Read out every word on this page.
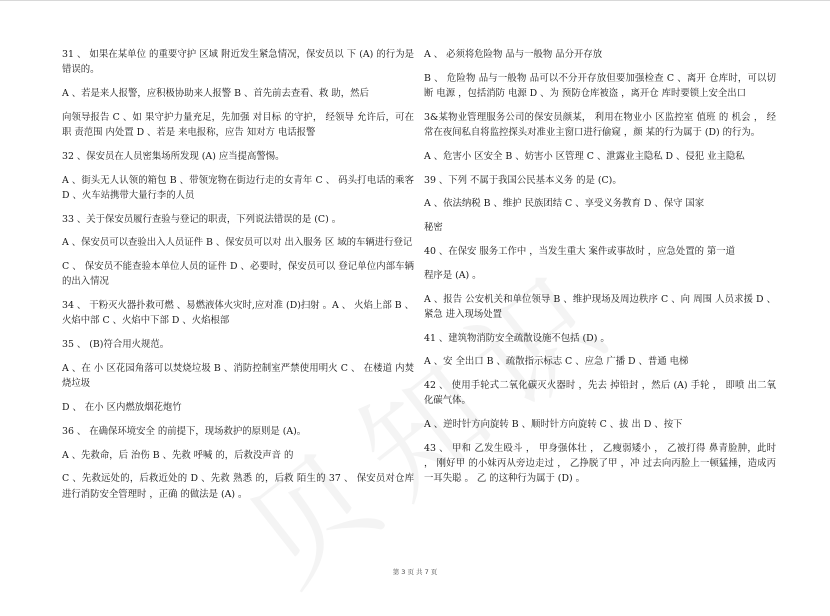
31 、 如果在某单位 的重要守护 区域 附近发生紧急情况，保安员以 下 (A) 的行为是错误的。

A 、若是来人报警，应积极协助来人报警 B 、首先前去查看、救 助，然后

向领导报告 C 、如 果守护力量充足，先加强 对目标 的守护， 经领导 允许后，可在职 责范围 内处置 D 、若是 来电报称，应告 知对方 电话报警

32 、保安员在人员密集场所发现 (A) 应当提高警惕。

A 、街头无人认领的箱包 B 、带领宠物在街边行走的女青年 C 、 码头打电话的乘客 D 、火车站携带大量行李的人员

33 、关于保安员履行查验与登记的职责，下列说法错误的是 (C) 。

A 、保安员可以查验出入人员证件 B 、保安员可以对 出入服务 区 域的车辆进行登记

C 、 保安员不能查验本单位人员的证件 D 、必要时，保安员可以 登记单位内部车辆 的出入情况

34 、 干粉灭火器扑救可燃 、易燃液体火灾时,应对准 (D)扫射 。A 、 火焰上部 B 、火焰中部 C 、火焰中下部 D 、火焰根部

35 、 (B)符合用火规范。

A 、在 小 区花园角落可以焚烧垃圾 B 、消防控制室严禁使用明火 C 、 在楼道 内焚烧垃圾

D 、 在小 区内燃放烟花炮竹

36 、 在确保环境安全 的前提下，现场救护的原则是 (A)。

A 、先救命，后 治伤 B 、先救 呼喊 的，后救没声音 的

C 、先救远处的，后救近处的 D 、先救 熟悉 的，后救 陌生的 37 、 保安员对仓库进行消防安全管理时 ，正确 的做法是 (A) 。

A 、 必须将危险物 品与一般物 品分开存放

B 、 危险物 品与一般物 品可以不分开存放但要加强检查 C 、离开 仓库时，可以切断 电源 ，包括消防 电源 D 、为 预防仓库被盗 ，离开仓 库时要锁上安全出口

3&某物业管理服务公司的保安员颜某， 利用在物业小 区监控室 值班 的 机会 ， 经 常在夜间私自将监控探头对准业主窗口进行偷窥 ，颜 某的行为属于 (D) 的行为。

A 、危害小 区安全 B 、妨害小 区管理 C 、泄露业主隐私 D 、侵犯 业主隐私

39 、下列 不属于我国公民基本义务 的是 (C)。

A 、依法纳税 B 、维护 民族团结 C 、享受义务教育 D 、保守 国家

秘密

40 、在保安 服务工作中 ，当发生重大 案件或事故时 ，应急处置的 第一道

程序是 (A) 。

A 、报告 公安机关和单位领导 B 、维护现场及周边秩序 C 、向 周围 人员求援 D 、紧急 进入现场处置

41 、建筑物消防安全疏散设施不包括 (D) 。

A 、安 全出口 B 、疏散指示标志 C 、应急 广播 D 、普通 电梯

42 、 使用手轮式二氧化碳灭火器时 ，先去 掉铅封 ，然后 (A) 手轮 ， 即喷 出二氧化碳气体。

A 、逆时针方向旋转 B 、顺时针方向旋转 C 、拔 出 D 、按下

43 、 甲和 乙发生殴斗 ， 甲身强体壮 ， 乙瘦弱矮小 ， 乙被打得 鼻青脸肿，此时 ， 刚好甲 的小妹丙从旁边走过 ， 乙挣脱了甲 ，冲 过去向丙脸上一顿猛捶，造成丙一耳失聪 。 乙 的这种行为属于 (D) 。

第 3 页 共 7 页
